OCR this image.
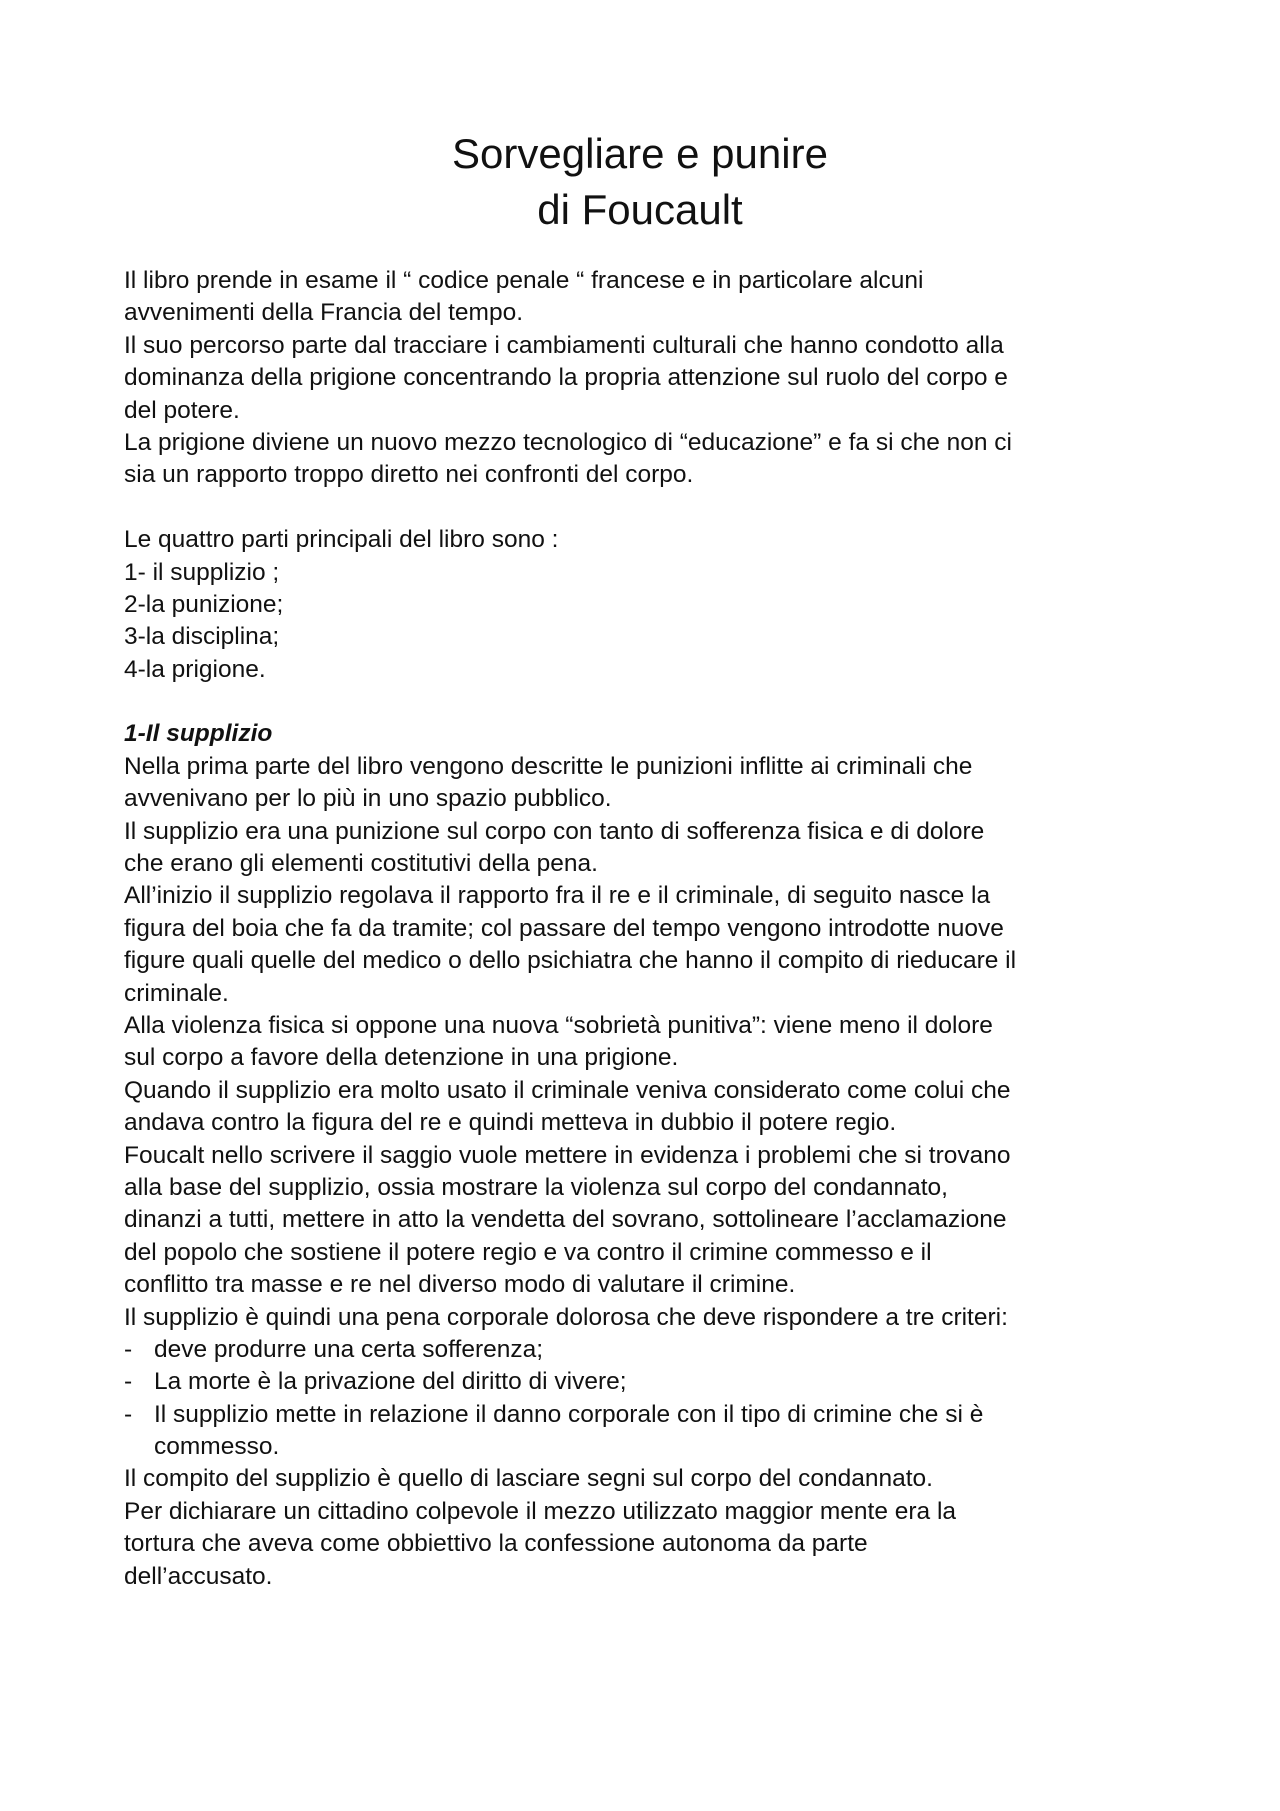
Sorvegliare e punire
di Foucault
Il libro prende in esame il “ codice penale “ francese e in particolare alcuni
avvenimenti della Francia del tempo.
Il suo percorso parte dal tracciare i cambiamenti culturali che hanno condotto alla
dominanza della prigione concentrando la propria attenzione sul ruolo del corpo e
del potere.
La prigione diviene un nuovo mezzo tecnologico di “educazione” e fa si che non ci
sia un rapporto troppo diretto nei confronti del corpo.
Le quattro parti principali del libro sono :
1- il supplizio ;
2-la punizione;
3-la disciplina;
4-la prigione.
1-Il supplizio
Nella prima parte del libro vengono descritte le punizioni inflitte ai criminali che
avvenivano per lo più in uno spazio pubblico.
Il supplizio era una punizione sul corpo con tanto di sofferenza fisica e di dolore
che erano gli elementi costitutivi della pena.
All’inizio il supplizio regolava il rapporto fra il re e il criminale, di seguito nasce la
figura del boia che fa da tramite; col passare del tempo vengono introdotte nuove
figure quali quelle del medico o dello psichiatra che hanno il compito di rieducare il
criminale.
Alla violenza fisica si oppone una nuova “sobrietà punitiva”: viene meno il dolore
sul corpo a favore della detenzione in una prigione.
Quando il supplizio era molto usato il criminale veniva considerato come colui che
andava contro la figura del re e quindi metteva in dubbio il potere regio.
Foucalt nello scrivere il saggio vuole mettere in evidenza i problemi che si trovano
alla base del supplizio, ossia mostrare la violenza sul corpo del condannato,
dinanzi a tutti, mettere in atto la vendetta del sovrano, sottolineare l’acclamazione
del popolo che sostiene il potere regio e va contro il crimine commesso e il
conflitto tra masse e re nel diverso modo di valutare il crimine.
Il supplizio è quindi una pena corporale dolorosa che deve rispondere a tre criteri:
- deve produrre una certa sofferenza;
- La morte è la privazione del diritto di vivere;
- Il supplizio mette in relazione il danno corporale con il tipo di crimine che si è
commesso.
Il compito del supplizio è quello di lasciare segni sul corpo del condannato.
Per dichiarare un cittadino colpevole il mezzo utilizzato maggior mente era la
tortura che aveva come obbiettivo la confessione autonoma da parte
dell’accusato.
